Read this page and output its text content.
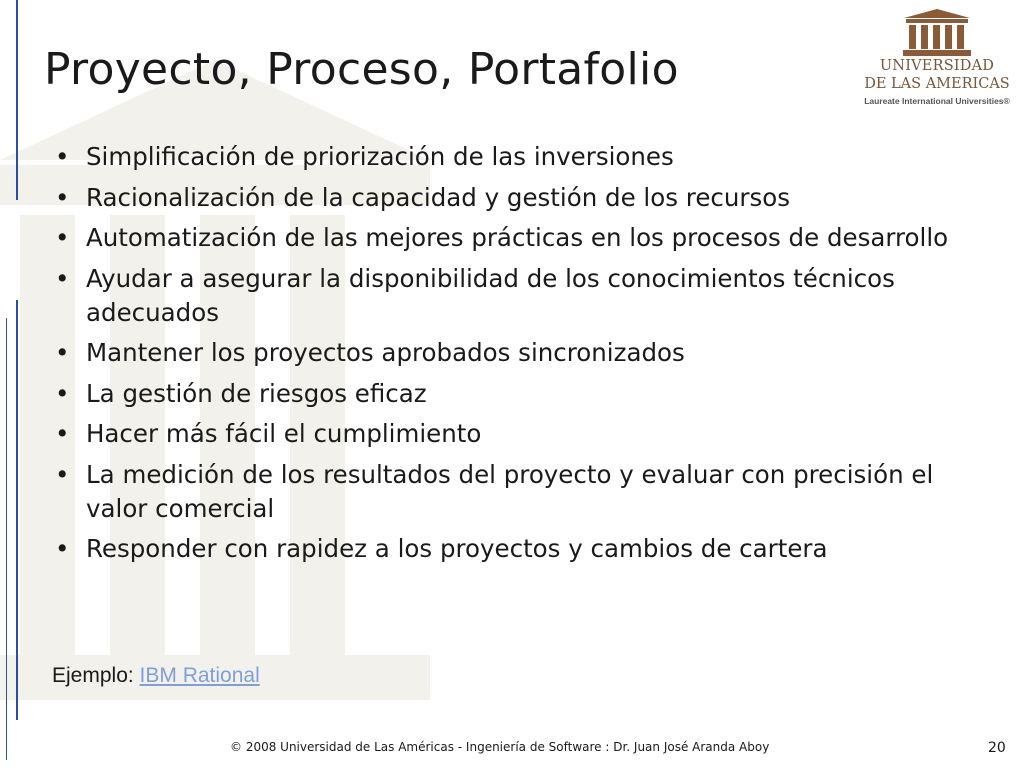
Proyecto, Proceso, Portafolio	UNIVERSIDAD
DE LAS AMERICAS
Laureate International Universities®
• Simplificación de priorización de las inversiones
• Racionalización de la capacidad y gestión de los recursos
• Automatización de las mejores prácticas en los procesos de desarrollo
• Ayudar a asegurar la disponibilidad de los conocimientos técnicos adecuados
• Mantener los proyectos aprobados sincronizados
• La gestión de riesgos eficaz
• Hacer más fácil el cumplimiento
• La medición de los resultados del proyecto y evaluar con precisión el valor comercial
• Responder con rapidez a los proyectos y cambios de cartera
Ejemplo: IBM Rational
© 2008 Universidad de Las Américas - Ingeniería de Software : Dr. Juan José Aranda Aboy	20
